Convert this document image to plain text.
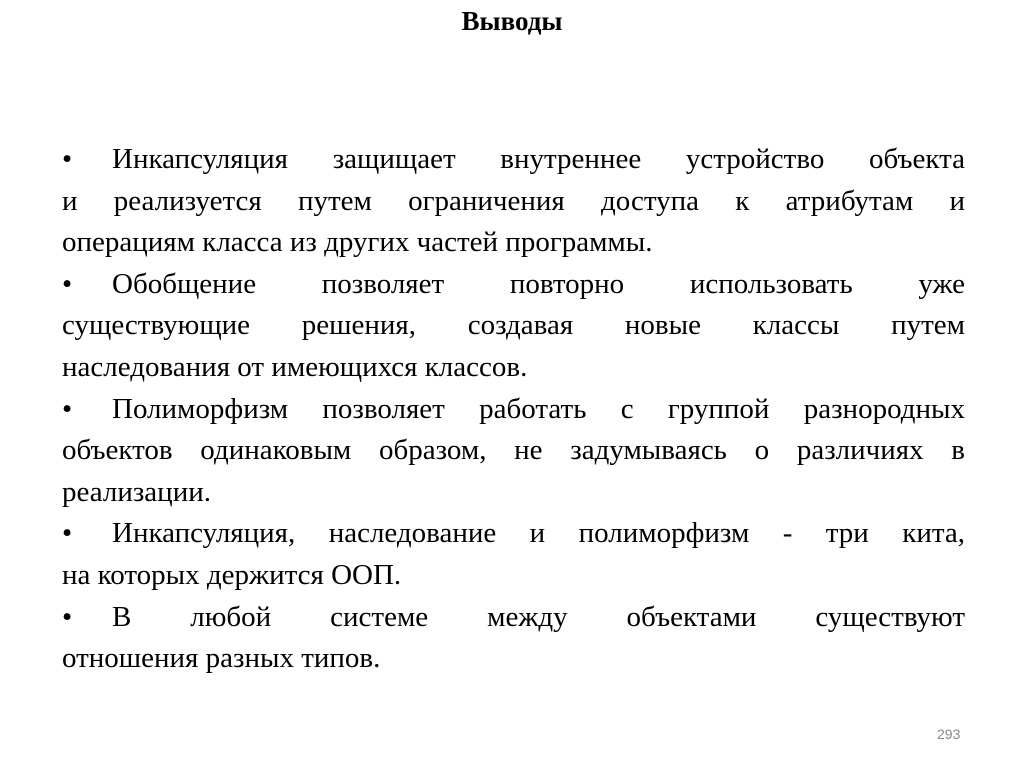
Выводы
•	Инкапсуляция защищает внутреннее устройство объекта
и реализуется путем ограничения доступа к атрибутам и
операциям класса из других частей программы.
•	Обобщение позволяет повторно использовать уже
существующие решения, создавая новые классы путем
наследования от имеющихся классов.
•	Полиморфизм позволяет работать с группой разнородных
объектов одинаковым образом, не задумываясь о различиях в
реализации.
•	Инкапсуляция, наследование и полиморфизм - три кита,
на которых держится ООП.
•	В любой системе между объектами существуют
отношения разных типов.
293
